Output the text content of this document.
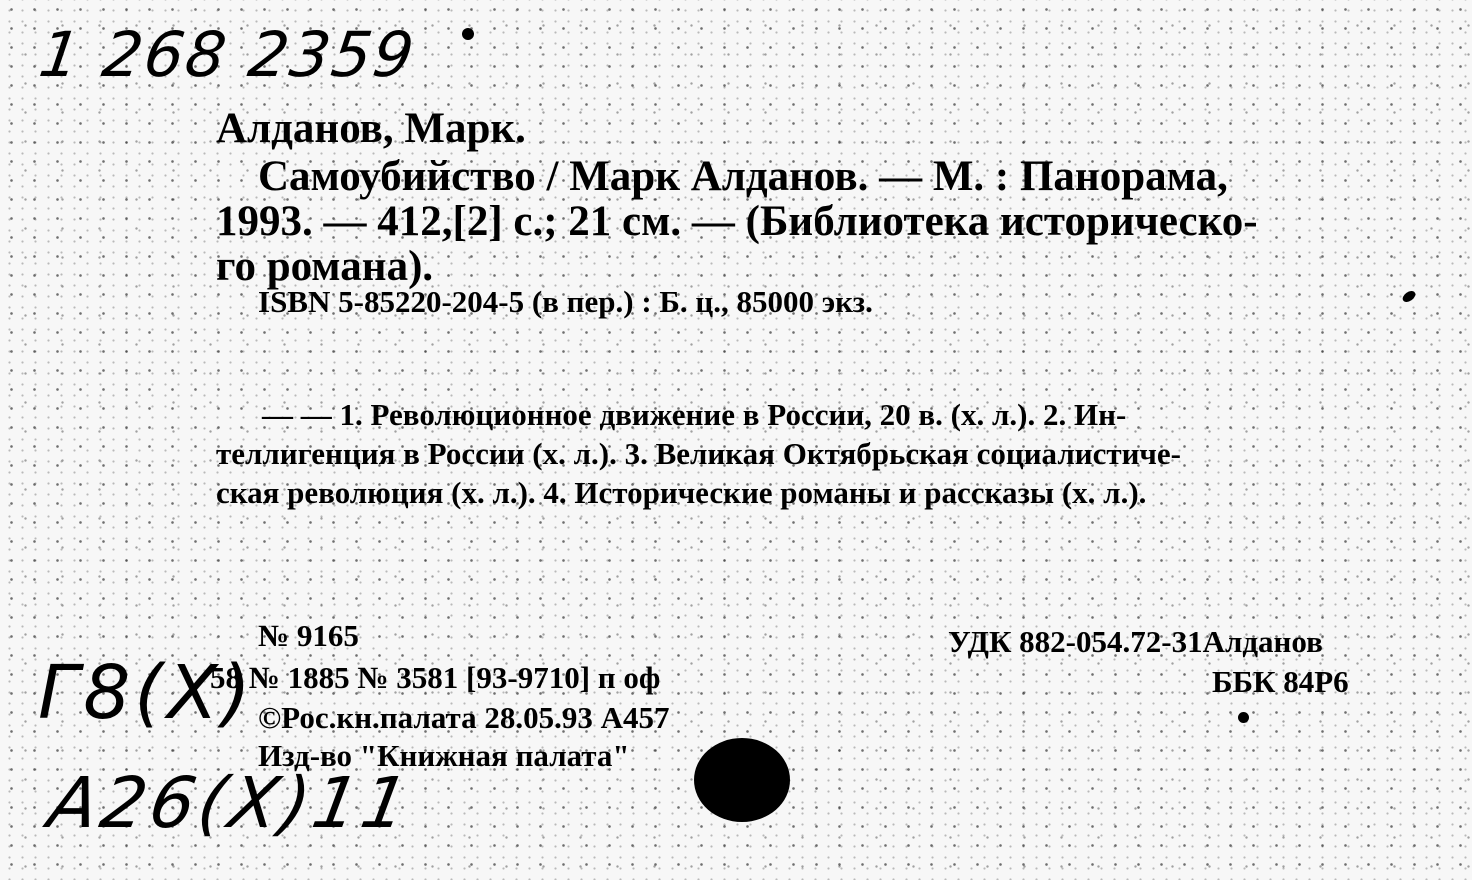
1 268 2359
Алданов, Марк.
Самоубийство / Марк Алданов. — М. : Панорама,
1993. — 412,[2] с.; 21 см. — (Библиотека историческо-
го романа).
ISBN 5-85220-204-5 (в пер.) : Б. ц., 85000 экз.
— — 1. Революционное движение в России, 20 в. (х. л.). 2. Ин-
теллигенция в России (х. л.). 3. Великая Октябрьская социалистиче-
ская революция (х. л.). 4. Исторические романы и рассказы (х. л.).
№ 9165
58 № 1885 № 3581 [93-9710] п оф
©Рос.кн.палата 28.05.93 А457
Изд-во "Книжная палата"
УДК 882-054.72-31Алданов
ББК 84Р6
Г8(Х)
А26(Х)11
